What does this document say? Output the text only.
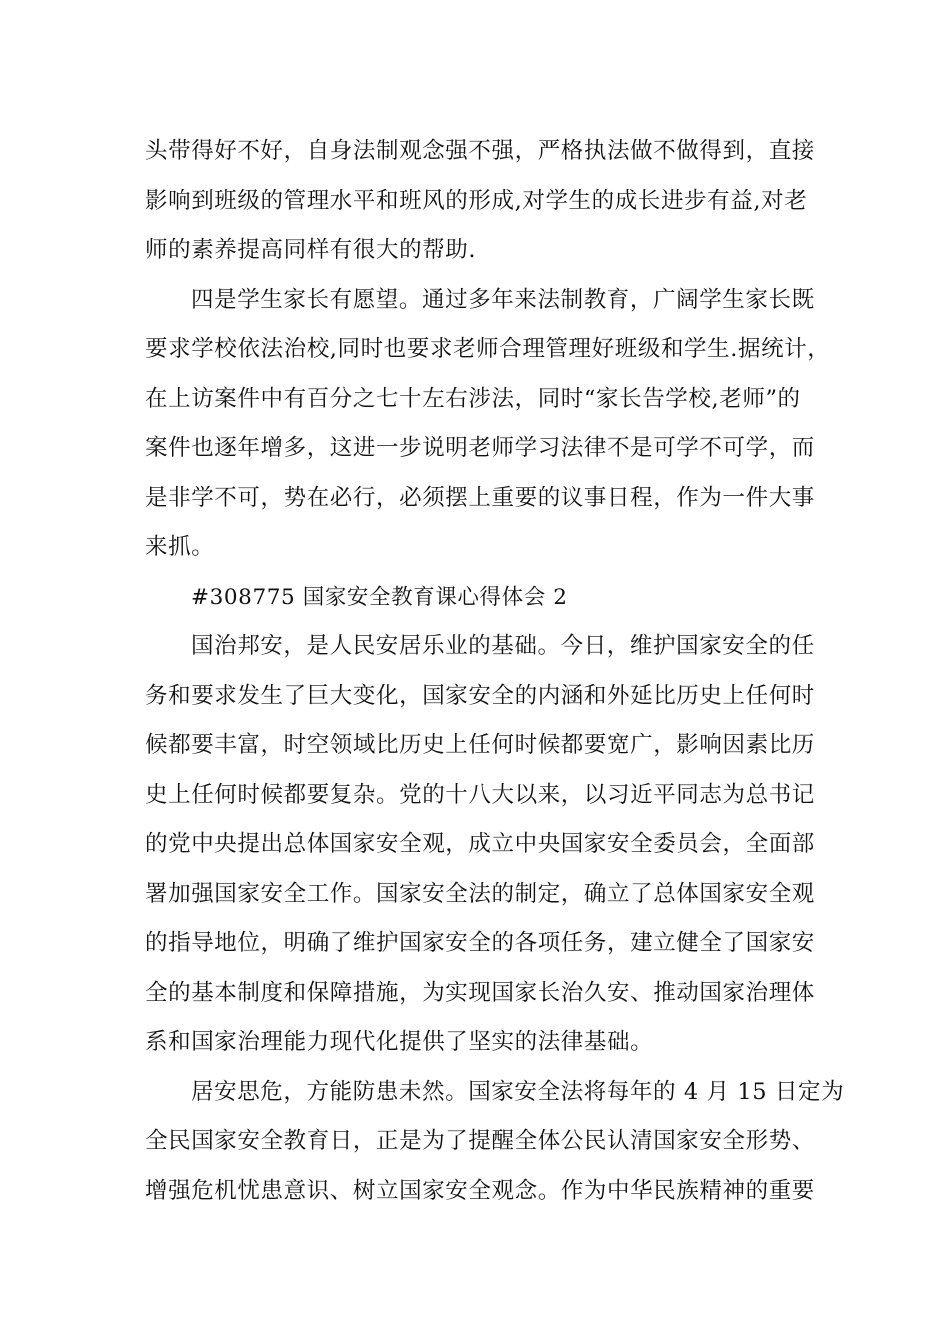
头带得好不好，自身法制观念强不强，严格执法做不做得到，直接
影响到班级的管理水平和班风的形成,对学生的成长进步有益,对老
师的素养提高同样有很大的帮助.
四是学生家长有愿望。通过多年来法制教育，广阔学生家长既
要求学校依法治校,同时也要求老师合理管理好班级和学生.据统计，
在上访案件中有百分之七十左右涉法，同时“家长告学校,老师”的
案件也逐年增多，这进一步说明老师学习法律不是可学不可学，而
是非学不可，势在必行，必须摆上重要的议事日程，作为一件大事
来抓。
#308775 国家安全教育课心得体会 2
国治邦安，是人民安居乐业的基础。今日，维护国家安全的任
务和要求发生了巨大变化，国家安全的内涵和外延比历史上任何时
候都要丰富，时空领域比历史上任何时候都要宽广，影响因素比历
史上任何时候都要复杂。党的十八大以来，以习近平同志为总书记
的党中央提出总体国家安全观，成立中央国家安全委员会，全面部
署加强国家安全工作。国家安全法的制定，确立了总体国家安全观
的指导地位，明确了维护国家安全的各项任务，建立健全了国家安
全的基本制度和保障措施，为实现国家长治久安、推动国家治理体
系和国家治理能力现代化提供了坚实的法律基础。
居安思危，方能防患未然。国家安全法将每年的 4 月 15 日定为
全民国家安全教育日，正是为了提醒全体公民认清国家安全形势、
增强危机忧患意识、树立国家安全观念。作为中华民族精神的重要
